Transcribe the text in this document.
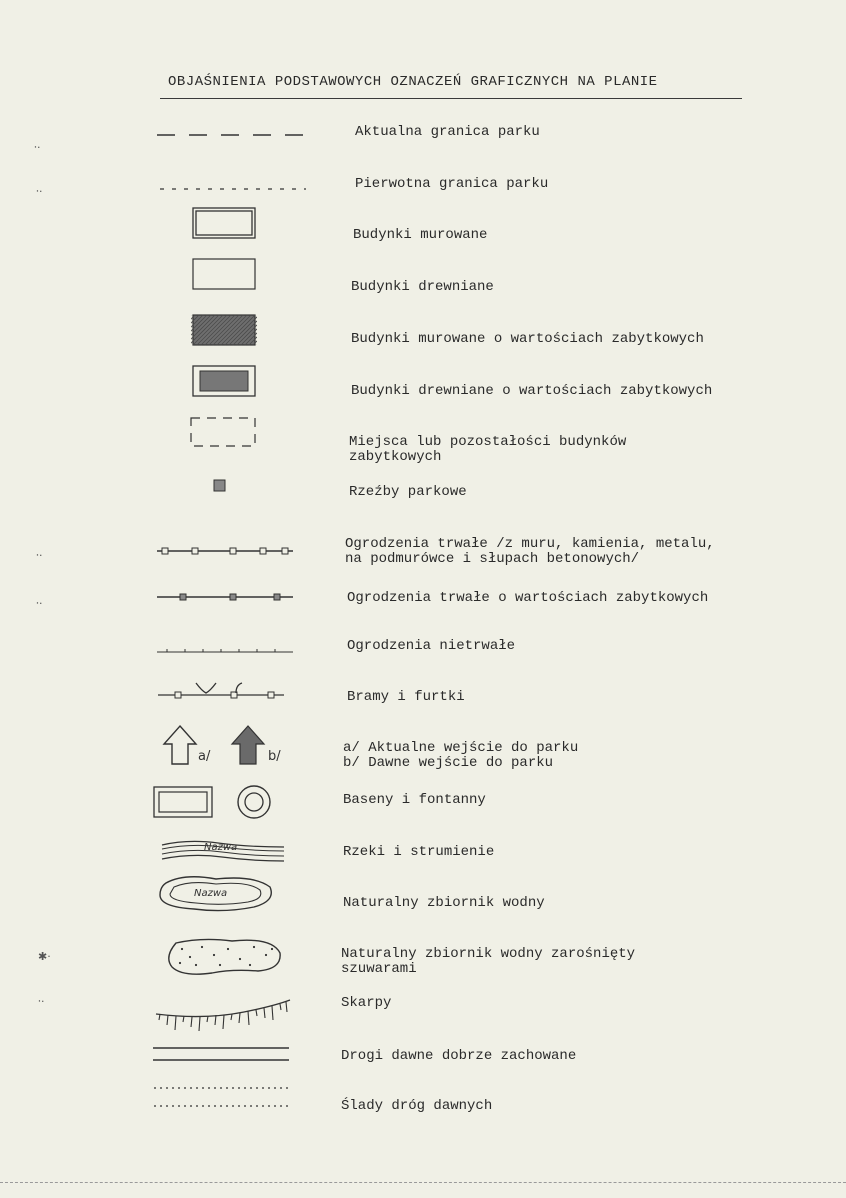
OBJAŚNIENIA PODSTAWOWYCH OZNACZEŃ GRAFICZNYCH NA PLANIE
Aktualna granica parku
Pierwotna granica parku
Budynki murowane
Budynki drewniane
Budynki murowane o wartościach zabytkowych
Budynki drewniane o wartościach zabytkowych
Miejsca lub pozostałości budynków
zabytkowych
Rzeźby parkowe
Ogrodzenia trwałe /z muru, kamienia, metalu,
na podmurówce i słupach betonowych/
Ogrodzenia trwałe o wartościach zabytkowych
Ogrodzenia nietrwałe
Bramy i furtki
a/	b/
a/ Aktualne wejście do parku
b/ Dawne wejście do parku
Baseny i fontanny
Nazwa	Rzeki i strumienie
Nazwa
Naturalny zbiornik wodny
Naturalny zbiornik wodny zarośnięty
szuwarami
Skarpy
Drogi dawne dobrze zachowane
Ślady dróg dawnych
⸱·
⸱·
⸱·
⸱·
✱·
⸱·
